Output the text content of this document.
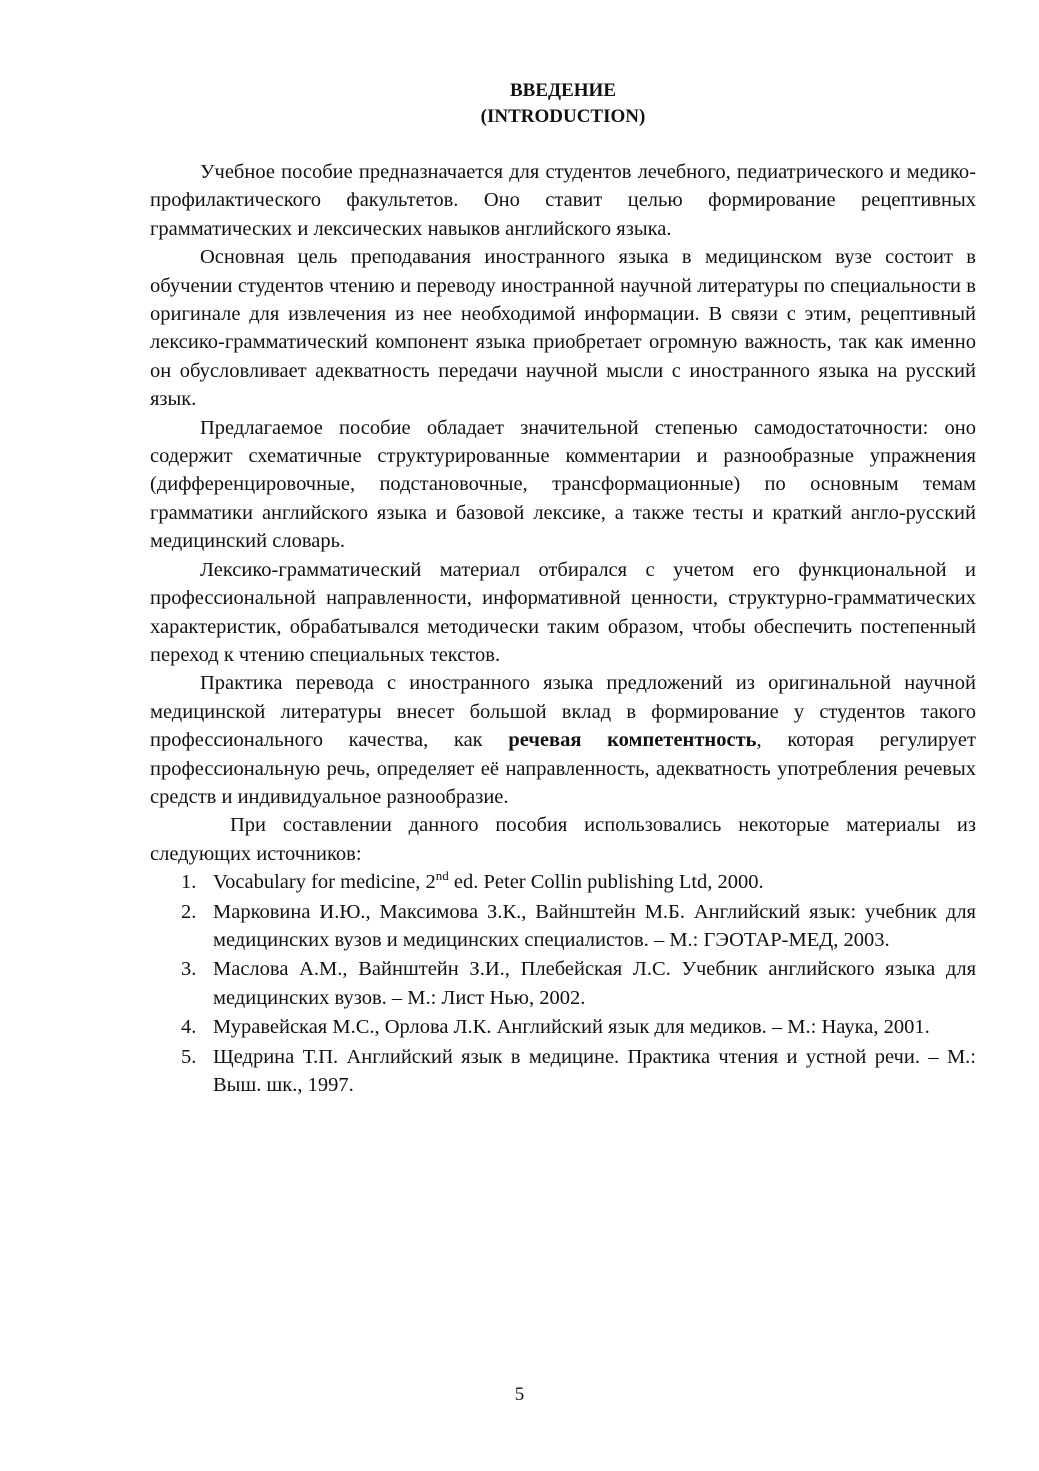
ВВЕДЕНИЕ

(INTRODUCTION)

Учебное пособие предназначается для студентов лечебного, педиатрического и медико-профилактического факультетов. Оно ставит целью формирование рецептивных грамматических и лексических навыков английского языка.

Основная цель преподавания иностранного языка в медицинском вузе состоит в обучении студентов чтению и переводу иностранной научной литературы по специальности в оригинале для извлечения из нее необходимой информации. В связи с этим, рецептивный лексико-грамматический компонент языка приобретает огромную важность, так как именно он обусловливает адекватность передачи научной мысли с иностранного языка на русский язык.

Предлагаемое пособие обладает значительной степенью самодостаточности: оно содержит схематичные структурированные комментарии и разнообразные упражнения (дифференцировочные, подстановочные, трансформационные) по основным темам грамматики английского языка и базовой лексике, а также тесты и краткий англо-русский медицинский словарь.

Лексико-грамматический материал отбирался с учетом его функциональной и профессиональной направленности, информативной ценности, структурно-грамматических характеристик, обрабатывался методически таким образом, чтобы обеспечить постепенный переход к чтению специальных текстов.

Практика перевода с иностранного языка предложений из оригинальной научной медицинской литературы внесет большой вклад в формирование у студентов такого профессионального качества, как речевая компетентность, которая регулирует профессиональную речь, определяет её направленность, адекватность употребления речевых средств и индивидуальное разнообразие.

При составлении данного пособия использовались некоторые материалы из следующих источников:

1. Vocabulary for medicine, 2nd ed. Peter Collin publishing Ltd, 2000.
2. Марковина И.Ю., Максимова З.К., Вайнштейн М.Б. Английский язык: учебник для медицинских вузов и медицинских специалистов. – М.: ГЭОТАР-МЕД, 2003.
3. Маслова А.М., Вайнштейн З.И., Плебейская Л.С. Учебник английского языка для медицинских вузов. – М.: Лист Нью, 2002.
4. Муравейская М.С., Орлова Л.К. Английский язык для медиков. – М.: Наука, 2001.
5. Щедрина Т.П. Английский язык в медицине. Практика чтения и устной речи. – М.: Выш. шк., 1997.
5
